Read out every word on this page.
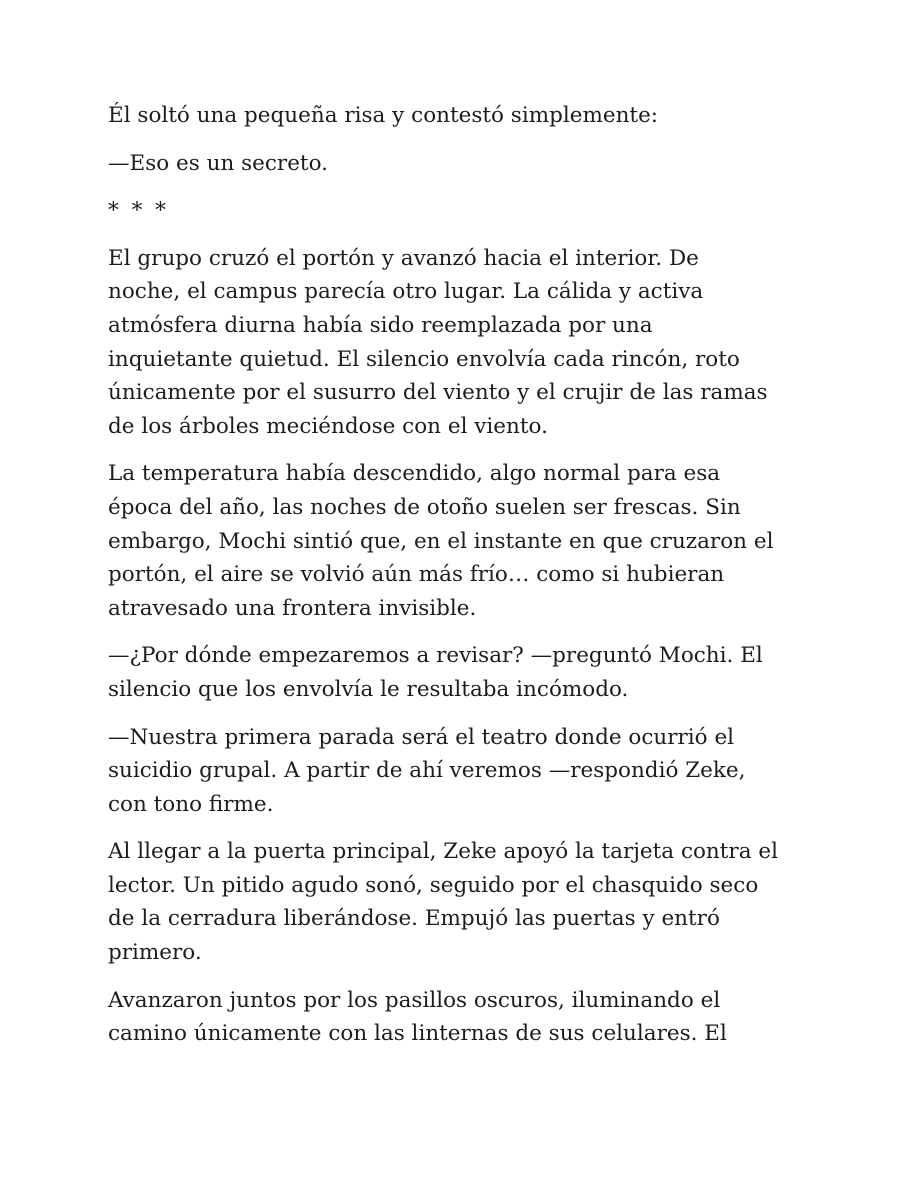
Él soltó una pequeña risa y contestó simplemente:

—Eso es un secreto.

* * *

El grupo cruzó el portón y avanzó hacia el interior. De
noche, el campus parecía otro lugar. La cálida y activa
atmósfera diurna había sido reemplazada por una
inquietante quietud. El silencio envolvía cada rincón, roto
únicamente por el susurro del viento y el crujir de las ramas
de los árboles meciéndose con el viento.

La temperatura había descendido, algo normal para esa
época del año, las noches de otoño suelen ser frescas. Sin
embargo, Mochi sintió que, en el instante en que cruzaron el
portón, el aire se volvió aún más frío… como si hubieran
atravesado una frontera invisible.

—¿Por dónde empezaremos a revisar? —preguntó Mochi. El
silencio que los envolvía le resultaba incómodo.

—Nuestra primera parada será el teatro donde ocurrió el
suicidio grupal. A partir de ahí veremos —respondió Zeke,
con tono firme.

Al llegar a la puerta principal, Zeke apoyó la tarjeta contra el
lector. Un pitido agudo sonó, seguido por el chasquido seco
de la cerradura liberándose. Empujó las puertas y entró
primero.

Avanzaron juntos por los pasillos oscuros, iluminando el
camino únicamente con las linternas de sus celulares. El
